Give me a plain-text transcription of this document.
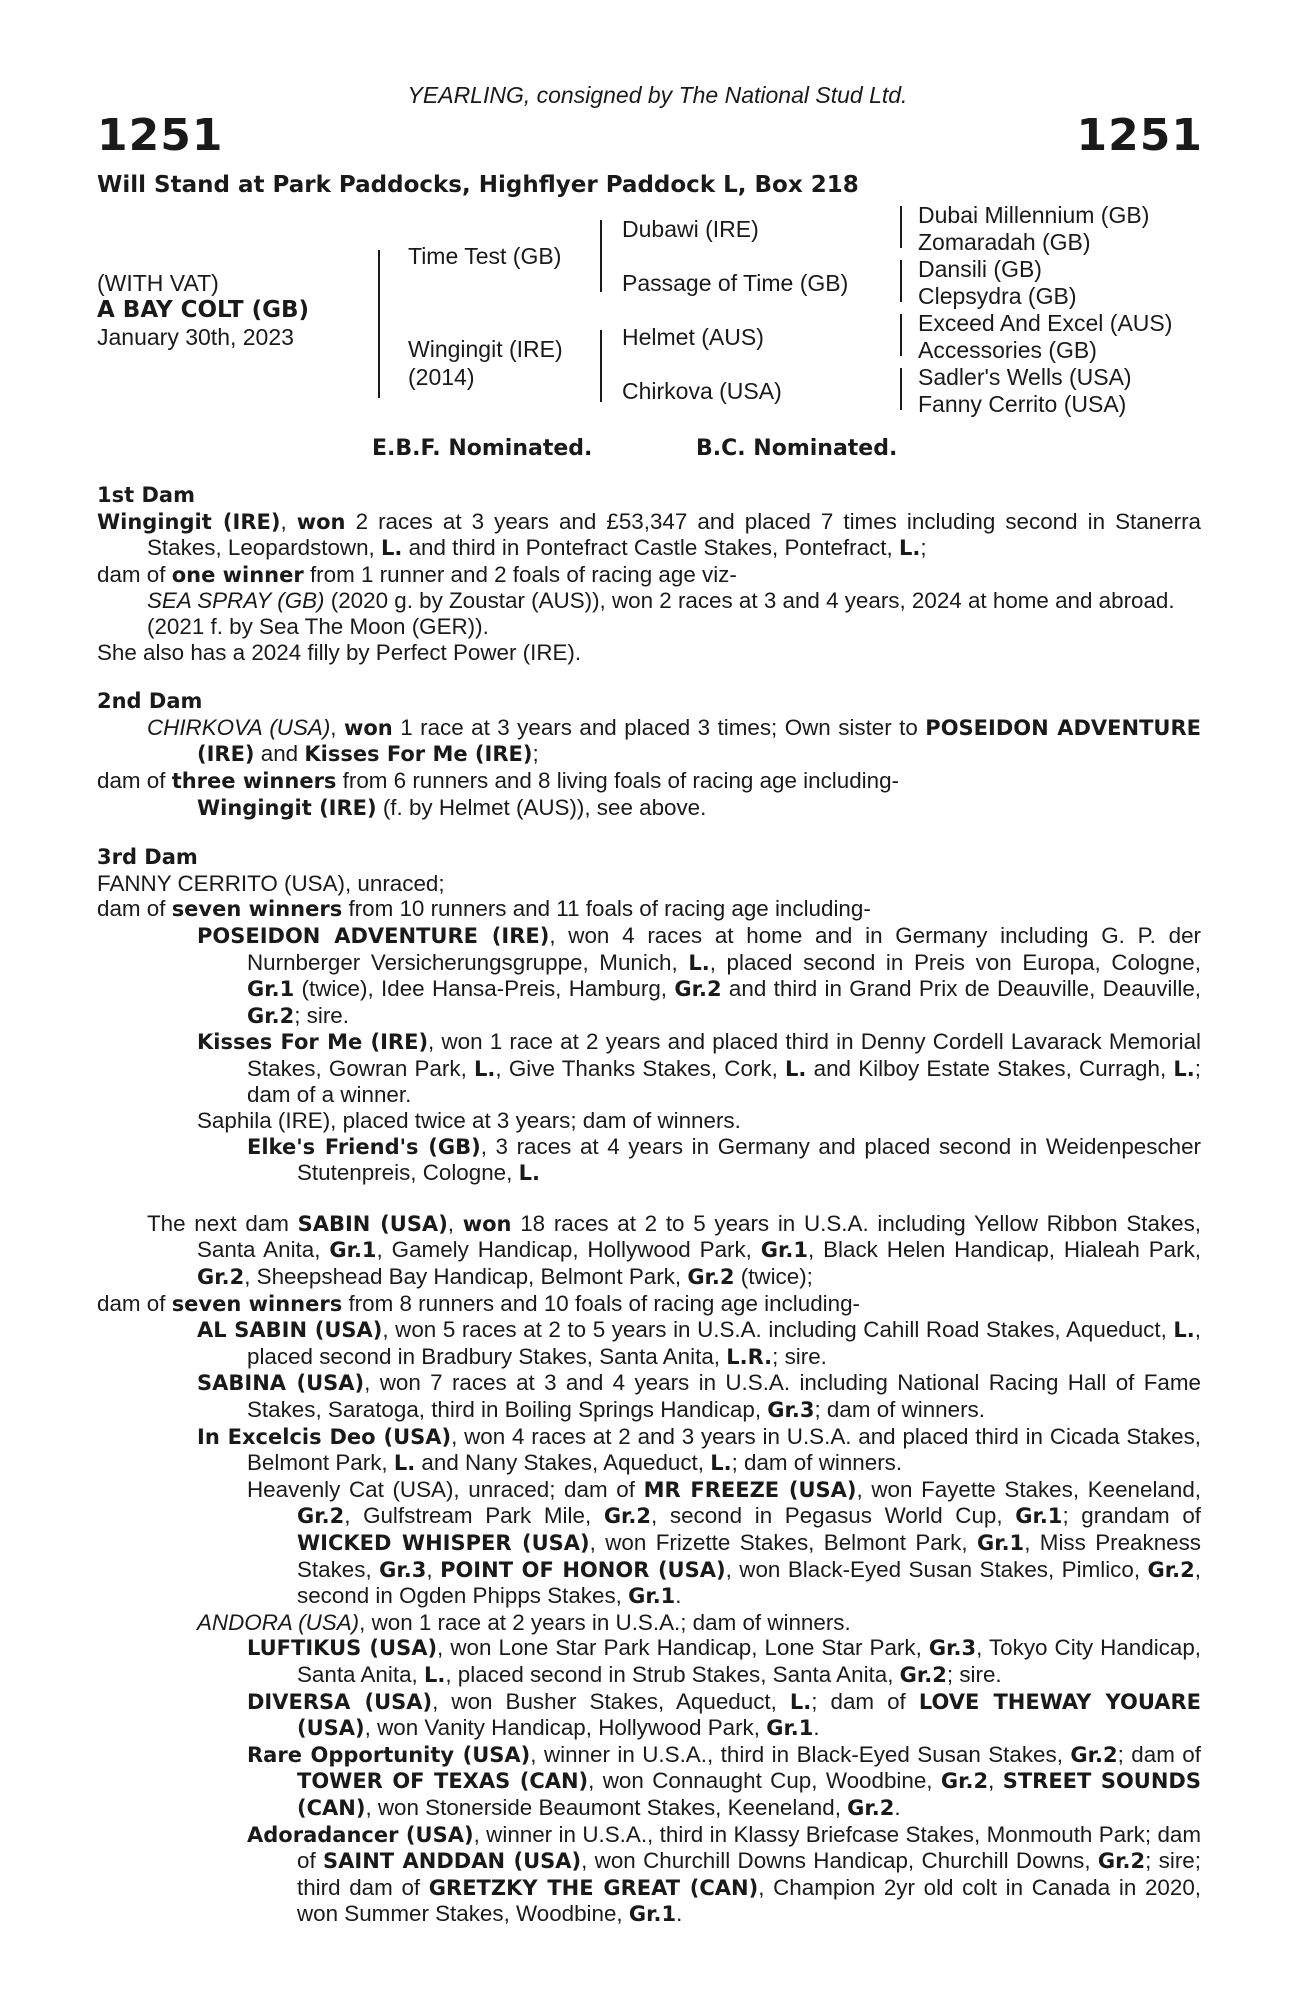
YEARLING, consigned by The National Stud Ltd.
1251	1251
Will Stand at Park Paddocks, Highflyer Paddock L, Box 218
(WITH VAT)
A BAY COLT (GB)
January 30th, 2023
Time Test (GB)
Wingingit (IRE)
(2014)
Dubawi (IRE)
Passage of Time (GB)
Helmet (AUS)
Chirkova (USA)
Dubai Millennium (GB)
Zomaradah (GB)
Dansili (GB)
Clepsydra (GB)
Exceed And Excel (AUS)
Accessories (GB)
Sadler's Wells (USA)
Fanny Cerrito (USA)
E.B.F. Nominated.	B.C. Nominated.
1st Dam
Wingingit (IRE), won 2 races at 3 years and £53,347 and placed 7 times including second in Stanerra Stakes, Leopardstown, L. and third in Pontefract Castle Stakes, Pontefract, L.;
dam of one winner from 1 runner and 2 foals of racing age viz-
SEA SPRAY (GB) (2020 g. by Zoustar (AUS)), won 2 races at 3 and 4 years, 2024 at home and abroad.
(2021 f. by Sea The Moon (GER)).
She also has a 2024 filly by Perfect Power (IRE).
2nd Dam
CHIRKOVA (USA), won 1 race at 3 years and placed 3 times; Own sister to POSEIDON ADVENTURE (IRE) and Kisses For Me (IRE);
dam of three winners from 6 runners and 8 living foals of racing age including-
Wingingit (IRE) (f. by Helmet (AUS)), see above.
3rd Dam
FANNY CERRITO (USA), unraced;
dam of seven winners from 10 runners and 11 foals of racing age including-
POSEIDON ADVENTURE (IRE), won 4 races at home and in Germany including G. P. der Nurnberger Versicherungsgruppe, Munich, L., placed second in Preis von Europa, Cologne, Gr.1 (twice), Idee Hansa-Preis, Hamburg, Gr.2 and third in Grand Prix de Deauville, Deauville, Gr.2; sire.
Kisses For Me (IRE), won 1 race at 2 years and placed third in Denny Cordell Lavarack Memorial Stakes, Gowran Park, L., Give Thanks Stakes, Cork, L. and Kilboy Estate Stakes, Curragh, L.; dam of a winner.
Saphila (IRE), placed twice at 3 years; dam of winners.
Elke's Friend's (GB), 3 races at 4 years in Germany and placed second in Weidenpescher Stutenpreis, Cologne, L.
The next dam SABIN (USA), won 18 races at 2 to 5 years in U.S.A. including Yellow Ribbon Stakes, Santa Anita, Gr.1, Gamely Handicap, Hollywood Park, Gr.1, Black Helen Handicap, Hialeah Park, Gr.2, Sheepshead Bay Handicap, Belmont Park, Gr.2 (twice);
dam of seven winners from 8 runners and 10 foals of racing age including-
AL SABIN (USA), won 5 races at 2 to 5 years in U.S.A. including Cahill Road Stakes, Aqueduct, L., placed second in Bradbury Stakes, Santa Anita, L.R.; sire.
SABINA (USA), won 7 races at 3 and 4 years in U.S.A. including National Racing Hall of Fame Stakes, Saratoga, third in Boiling Springs Handicap, Gr.3; dam of winners.
In Excelcis Deo (USA), won 4 races at 2 and 3 years in U.S.A. and placed third in Cicada Stakes, Belmont Park, L. and Nany Stakes, Aqueduct, L.; dam of winners.
Heavenly Cat (USA), unraced; dam of MR FREEZE (USA), won Fayette Stakes, Keeneland, Gr.2, Gulfstream Park Mile, Gr.2, second in Pegasus World Cup, Gr.1; grandam of WICKED WHISPER (USA), won Frizette Stakes, Belmont Park, Gr.1, Miss Preakness Stakes, Gr.3, POINT OF HONOR (USA), won Black-Eyed Susan Stakes, Pimlico, Gr.2, second in Ogden Phipps Stakes, Gr.1.
ANDORA (USA), won 1 race at 2 years in U.S.A.; dam of winners.
LUFTIKUS (USA), won Lone Star Park Handicap, Lone Star Park, Gr.3, Tokyo City Handicap, Santa Anita, L., placed second in Strub Stakes, Santa Anita, Gr.2; sire.
DIVERSA (USA), won Busher Stakes, Aqueduct, L.; dam of LOVE THEWAY YOUARE (USA), won Vanity Handicap, Hollywood Park, Gr.1.
Rare Opportunity (USA), winner in U.S.A., third in Black-Eyed Susan Stakes, Gr.2; dam of TOWER OF TEXAS (CAN), won Connaught Cup, Woodbine, Gr.2, STREET SOUNDS (CAN), won Stonerside Beaumont Stakes, Keeneland, Gr.2.
Adoradancer (USA), winner in U.S.A., third in Klassy Briefcase Stakes, Monmouth Park; dam of SAINT ANDDAN (USA), won Churchill Downs Handicap, Churchill Downs, Gr.2; sire; third dam of GRETZKY THE GREAT (CAN), Champion 2yr old colt in Canada in 2020, won Summer Stakes, Woodbine, Gr.1.
